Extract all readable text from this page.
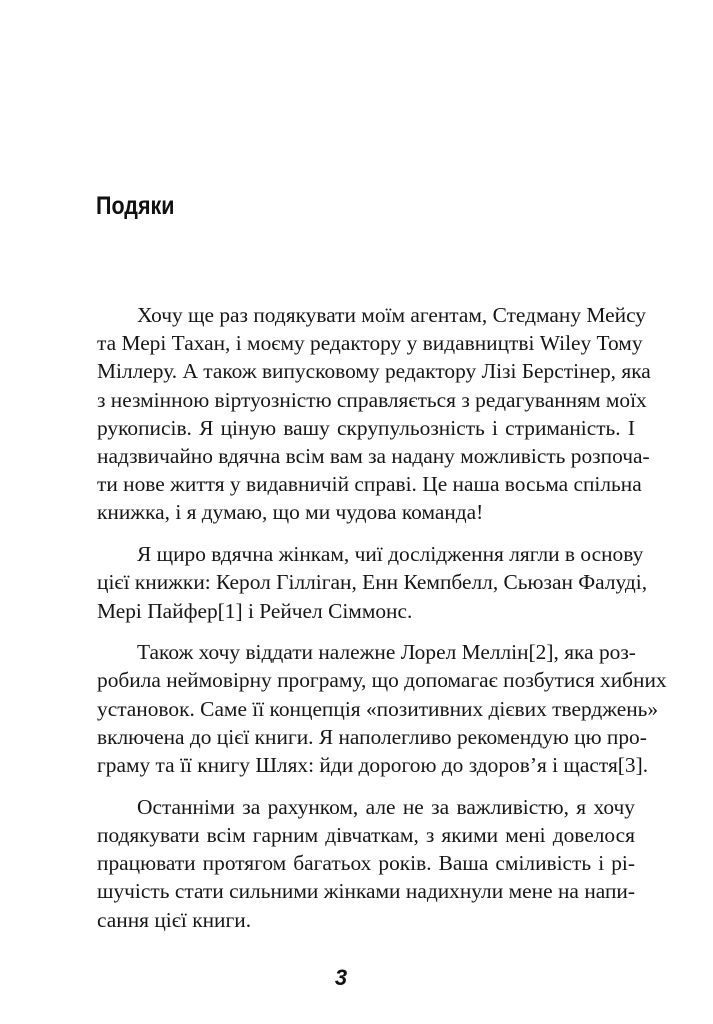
Подяки

Хочу ще раз подякувати моїм агентам, Стедману Мейсу
та Мері Тахан, і моєму редактору у видавництві Wiley Тому
Міллеру. А також випусковому редактору Лізі Берстінер, яка
з незмінною віртуозністю справляється з редагуванням моїх
рукописів. Я ціную вашу скрупульозність і стриманість. І
надзвичайно вдячна всім вам за надану можливість розпоча-
ти нове життя у видавничій справі. Це наша восьма спільна
книжка, і я думаю, що ми чудова команда!

Я щиро вдячна жінкам, чиї дослідження лягли в основу
цієї книжки: Керол Гілліган, Енн Кемпбелл, Сьюзан Фалуді,
Мері Пайфер[1] і Рейчел Сіммонс.

Також хочу віддати належне Лорел Меллін[2], яка роз-
робила неймовірну програму, що допомагає позбутися хибних
установок. Саме її концепція «позитивних дієвих тверджень»
включена до цієї книги. Я наполегливо рекомендую цю про-
граму та її книгу Шлях: йди дорогою до здоров’я і щастя[3].

Останніми за рахунком, але не за важливістю, я хочу
подякувати всім гарним дівчаткам, з якими мені довелося
працювати протягом багатьох років. Ваша сміливість і рі-
шучість стати сильними жінками надихнули мене на напи-
сання цієї книги.

3
